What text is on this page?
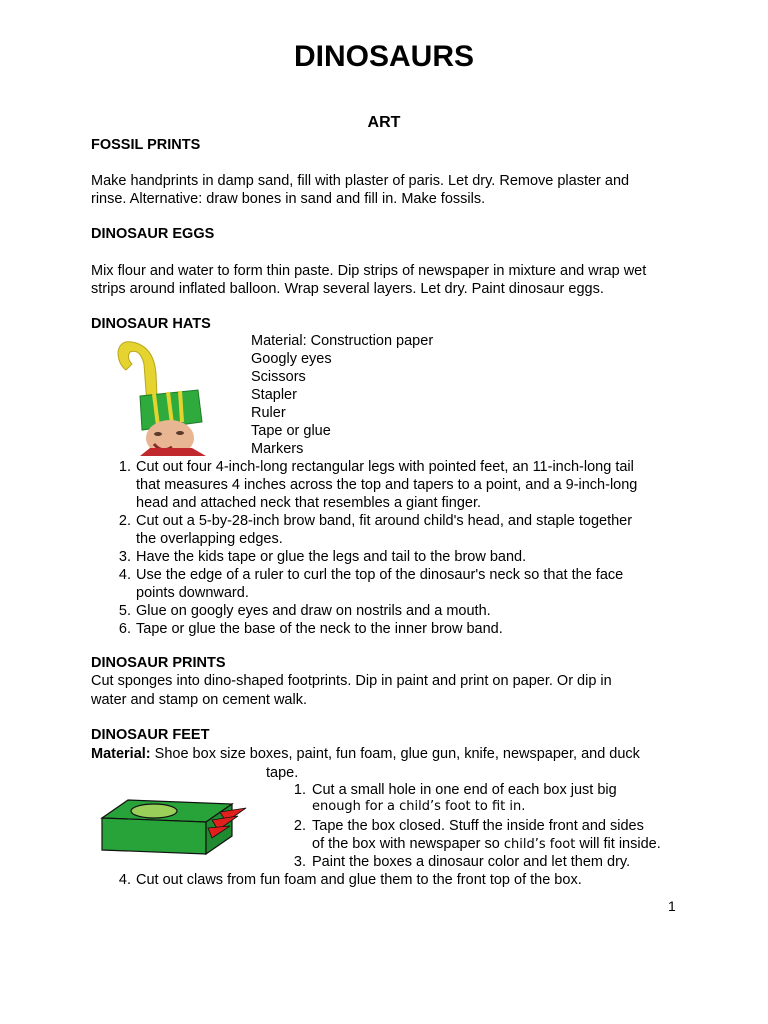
DINOSAURS
ART
FOSSIL PRINTS
Make handprints in damp sand, fill with plaster of paris. Let dry. Remove plaster and
rinse. Alternative: draw bones in sand and fill in. Make fossils.
DINOSAUR EGGS
Mix flour and water to form thin paste. Dip strips of newspaper in mixture and wrap wet
strips around inflated balloon. Wrap several layers. Let dry. Paint dinosaur eggs.
DINOSAUR HATS
Material: Construction paper
Googly eyes
Scissors
Stapler
Ruler
Tape or glue
Markers
1. Cut out four 4-inch-long rectangular legs with pointed feet, an 11-inch-long tail
that measures 4 inches across the top and tapers to a point, and a 9-inch-long
head and attached neck that resembles a giant finger.
2. Cut out a 5-by-28-inch brow band, fit around child's head, and staple together
the overlapping edges.
3. Have the kids tape or glue the legs and tail to the brow band.
4. Use the edge of a ruler to curl the top of the dinosaur's neck so that the face
points downward.
5. Glue on googly eyes and draw on nostrils and a mouth.
6. Tape or glue the base of the neck to the inner brow band.
DINOSAUR PRINTS
Cut sponges into dino-shaped footprints. Dip in paint and print on paper. Or dip in
water and stamp on cement walk.
DINOSAUR FEET
Material: Shoe box size boxes, paint, fun foam, glue gun, knife, newspaper, and duck
tape.
1. Cut a small hole in one end of each box just big
enough for a child’s foot to fit in.
2. Tape the box closed. Stuff the inside front and sides
of the box with newspaper so child’s foot will fit inside.
3. Paint the boxes a dinosaur color and let them dry.
4. Cut out claws from fun foam and glue them to the front top of the box.
1
